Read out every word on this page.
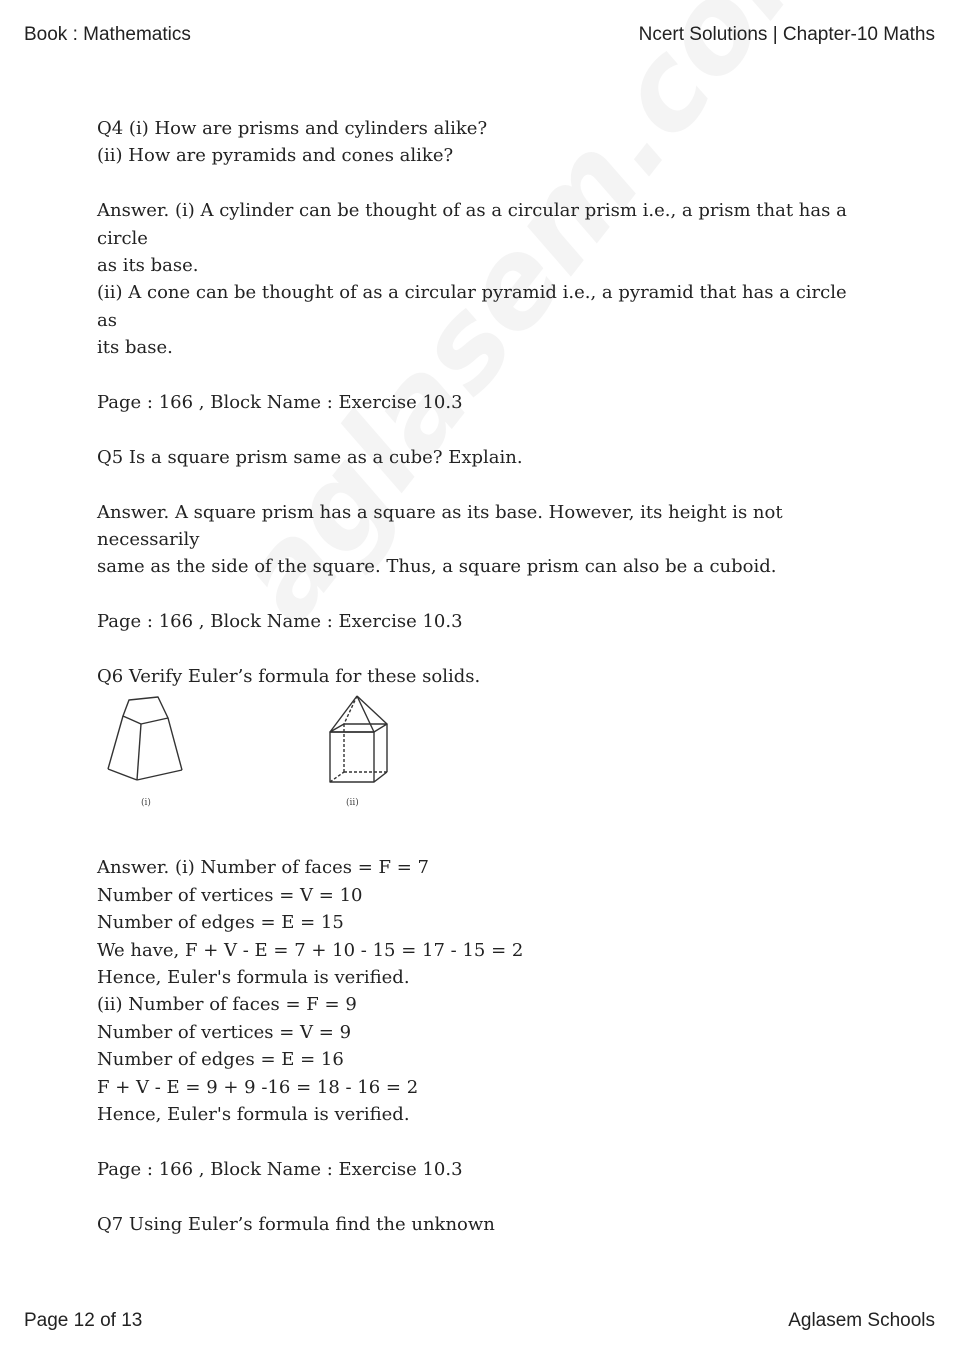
Book : Mathematics	Ncert Solutions | Chapter-10 Maths

Q4 (i) How are prisms and cylinders alike?

(ii) How are pyramids and cones alike?

Answer. (i) A cylinder can be thought of as a circular prism i.e., a prism that has a circle

as its base.

(ii) A cone can be thought of as a circular pyramid i.e., a pyramid that has a circle as

its base.

Page : 166 , Block Name : Exercise 10.3

Q5 Is a square prism same as a cube? Explain.

Answer. A square prism has a square as its base. However, its height is not necessarily

same as the side of the square. Thus, a square prism can also be a cuboid.

Page : 166 , Block Name : Exercise 10.3

Q6 Verify Euler’s formula for these solids.

(i)	(ii)

Answer. (i) Number of faces = F = 7

Number of vertices = V = 10

Number of edges = E = 15

We have, F + V - E = 7 + 10 - 15 = 17 - 15 = 2

Hence, Euler's formula is verified.

(ii) Number of faces = F = 9

Number of vertices = V = 9

Number of edges = E = 16

F + V - E = 9 + 9 -16 = 18 - 16 = 2

Hence, Euler's formula is verified.

Page : 166 , Block Name : Exercise 10.3

Q7 Using Euler’s formula find the unknown

Page 12 of 13	Aglasem Schools
